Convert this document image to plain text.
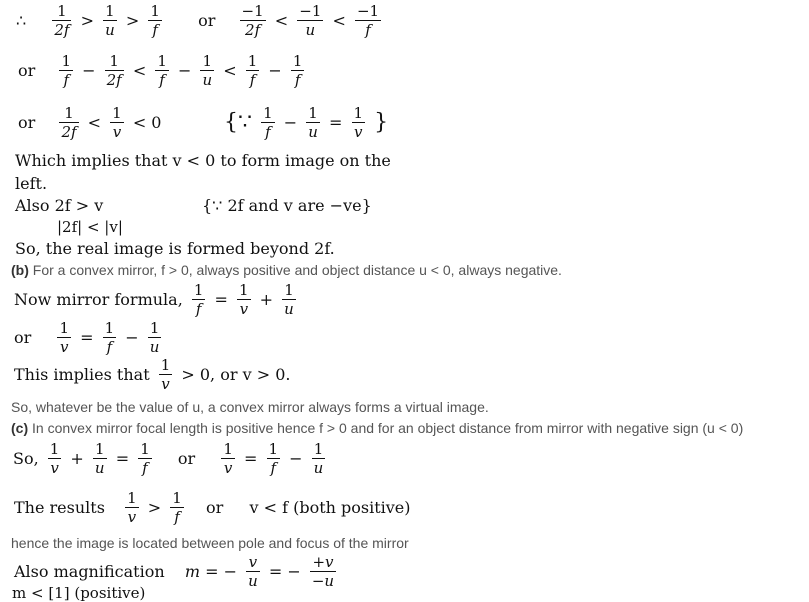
∴ $\frac{1}{2f} > \frac{1}{u} > \frac{1}{f}$ or $\frac{-1}{2f} < \frac{-1}{u} < \frac{-1}{f}$
or $\frac{1}{f} - \frac{1}{2f} < \frac{1}{f} - \frac{1}{u} < \frac{1}{f} - \frac{1}{f}$
or $\frac{1}{2f} < \frac{1}{v} < 0$	{∵ $\frac{1}{f} - \frac{1}{u} = \frac{1}{v}$ }
Which implies that v < 0 to form image on the
left.
Also 2f > v	{∵ 2f and v are −ve}
|2f| < |v|
So, the real image is formed beyond 2f.
(b) For a convex mirror, f > 0, always positive and object distance u < 0, always negative.
Now mirror formula, $\frac{1}{f} = \frac{1}{v} + \frac{1}{u}$
or $\frac{1}{v} = \frac{1}{f} - \frac{1}{u}$
This implies that $\frac{1}{v} > 0$, or v > 0.
So, whatever be the value of u, a convex mirror always forms a virtual image.
(c) In convex mirror focal length is positive hence f > 0 and for an object distance from mirror with negative sign (u < 0)
So, $\frac{1}{v} + \frac{1}{u} = \frac{1}{f}$ or $\frac{1}{v} = \frac{1}{f} - \frac{1}{u}$
The results $\frac{1}{v} > \frac{1}{f}$ or v < f (both positive)
hence the image is located between pole and focus of the mirror
Also magnification m = − $\frac{v}{u}$ = − $\frac{+v}{-u}$
m < [1] (positive)
